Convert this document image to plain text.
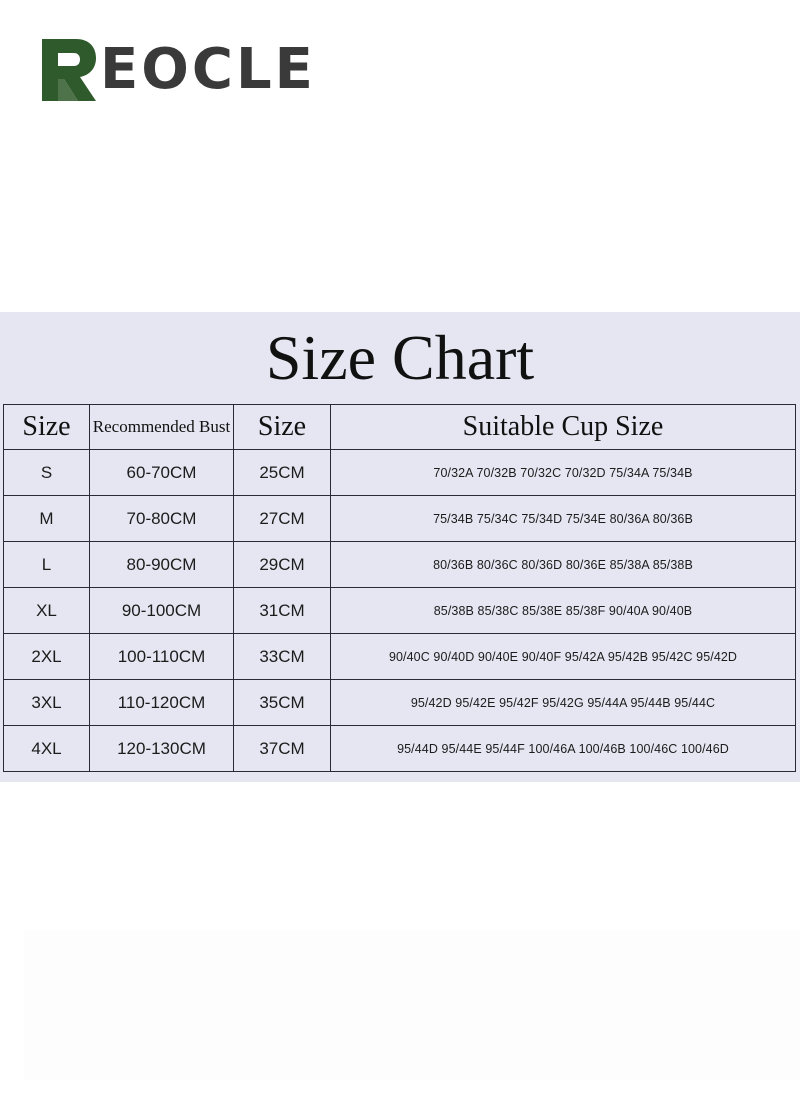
EOCLE
Size Chart
Size	Recommended Bust	Size	Suitable Cup Size
S	60-70CM	25CM	70/32A 70/32B 70/32C 70/32D 75/34A 75/34B
M	70-80CM	27CM	75/34B 75/34C 75/34D 75/34E 80/36A 80/36B
L	80-90CM	29CM	80/36B 80/36C 80/36D 80/36E 85/38A 85/38B
XL	90-100CM	31CM	85/38B 85/38C 85/38E 85/38F 90/40A 90/40B
2XL	100-110CM	33CM	90/40C 90/40D 90/40E 90/40F 95/42A 95/42B 95/42C 95/42D
3XL	110-120CM	35CM	95/42D 95/42E 95/42F 95/42G 95/44A 95/44B 95/44C
4XL	120-130CM	37CM	95/44D 95/44E 95/44F 100/46A 100/46B 100/46C 100/46D
